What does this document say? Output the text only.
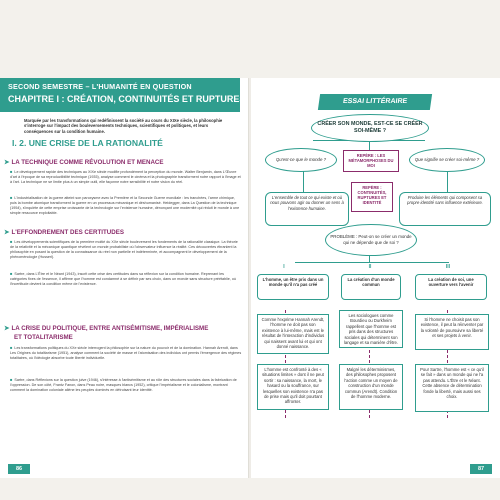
SECOND SEMESTRE – L'HUMANITÉ EN QUESTION
CHAPITRE I : CRÉATION, CONTINUITÉS ET RUPTURES
Marquée par les transformations qui redéfinissent la société au cours du XIXe siècle, la philosophie s'interroge sur l'impact des bouleversements techniques, scientifiques et politiques, et leurs conséquences sur la condition humaine.
I. 2. UNE CRISE DE LA RATIONALITÉ
➤ LA TECHNIQUE COMME RÉVOLUTION ET MENACE
■ Le développement rapide des techniques au XIXe siècle modifie profondément la perception du monde. Walter Benjamin, dans L'Œuvre d'art à l'époque de sa reproductibilité technique (1935), analyse comment le cinéma et la photographie transforment notre rapport à l'image et à l'art. La technique ne se limite plus à un simple outil, elle façonne notre sensibilité et notre vision du réel.
■ L'industrialisation de la guerre atteint son paroxysme avec la Première et la Seconde Guerre mondiale : les tranchées, l'arme chimique, puis la bombe atomique transforment la guerre en un processus mécanique et déshumanisé. Heidegger, dans La Question de la technique (1954), s'inquiète de cette emprise croissante de la technologie sur l'existence humaine, dénonçant une modernité qui réduit le monde à une simple ressource exploitable.
➤ L'EFFONDREMENT DES CERTITUDES
■ Les développements scientifiques de la première moitié du XXe siècle bouleversent les fondements de la rationalité classique. La théorie de la relativité et la mécanique quantique révèlent un monde probabiliste où l'observateur influence la réalité. Ces découvertes ébranlent la philosophie en posant la question de la connaissance du réel non partielle et indéterminée, et accompagnent le développement de la phénoménologie (Husserl).
■ Sartre, dans L'Être et le Néant (1943), inscrit cette crise des certitudes dans sa réflexion sur la condition humaine. Reprenant les catégories fixes de l'essence, il affirme que l'homme est condamné à se définir par ses choix, dans un monde sans structure préétablie, où l'incertitude devient la condition même de l'existence.
➤ LA CRISE DU POLITIQUE, ENTRE ANTISÉMITISME, IMPÉRIALISME
ET TOTALITARISME
■ Les transformations politiques du XXe siècle interrogent la philosophie sur la nature du pouvoir et de la domination. Hannah Arendt, dans Les Origines du totalitarisme (1951), analyse comment la société de masse et l'atomisation des individus ont permis l'émergence des régimes totalitaires, où l'idéologie absorbe toute liberté individuelle.
■ Sartre, dans Réflexions sur la question juive (1946), s'intéresse à l'antisémitisme et au rôle des structures sociales dans la fabrication de l'oppression. De son côté, Frantz Fanon, dans Peau noire, masques blancs (1952), critique l'impérialisme et le colonialisme, montrant comment la domination coloniale aliène les peuples dominés en détruisant leur identité.
86
ESSAI LITTÉRAIRE
CRÉER SON MONDE, EST-CE SE CRÉER SOI-MÊME ?
Qu'est-ce que le monde ?
REPÈRE : LES MÉTAMORPHOSES DU MOI
Que signifie se créer soi-même ?
L'ensemble de tout ce qui existe et où nous pouvons agir ou donner un sens à l'existence humaine.
REPÈRE : CONTINUITÉS, RUPTURES ET IDENTITÉ
Produire les éléments qui composent sa propre identité sans influence extérieure.
PROBLÈME : Peut-on se créer un monde qui ne dépende que de soi ?
I	II	III
L'homme, un être pris dans un monde qu'il n'a pas créé
La création d'un monde commun
La création de soi, une ouverture vers l'avenir
Comme l'exprime Hannah Arendt, l'homme ne doit pas son existence à lui-même, mais est le résultat de l'interaction d'individus qui naissent avant lui et qui ont donné naissance.
L'homme est confronté à des « situations limites » dont il ne peut sortir : sa naissance, la mort, le hasard ou la souffrance, sur lesquelles son existence n'a pas de prise mais qu'il doit pourtant affronter.
Les sociologues comme Bourdieu ou Durkheim rappellent que l'homme est pris dans des structures sociales qui déterminent son langage et sa manière d'être.
Malgré les déterminismes, des philosophes proposent l'action comme un moyen de construction d'un monde commun (Arendt). Condition de l'homme moderne.
Si l'homme ne choisit pas son existence, il peut la réinventer par la volonté de poursuivre sa liberté et ses projets à venir.
Pour Sartre, l'homme est « ce qu'il se fait » dans un monde qui ne l'a pas attendu. L'Être et le Néant. Cette absence de détermination fonde la liberté, mais aussi ses choix.
87
